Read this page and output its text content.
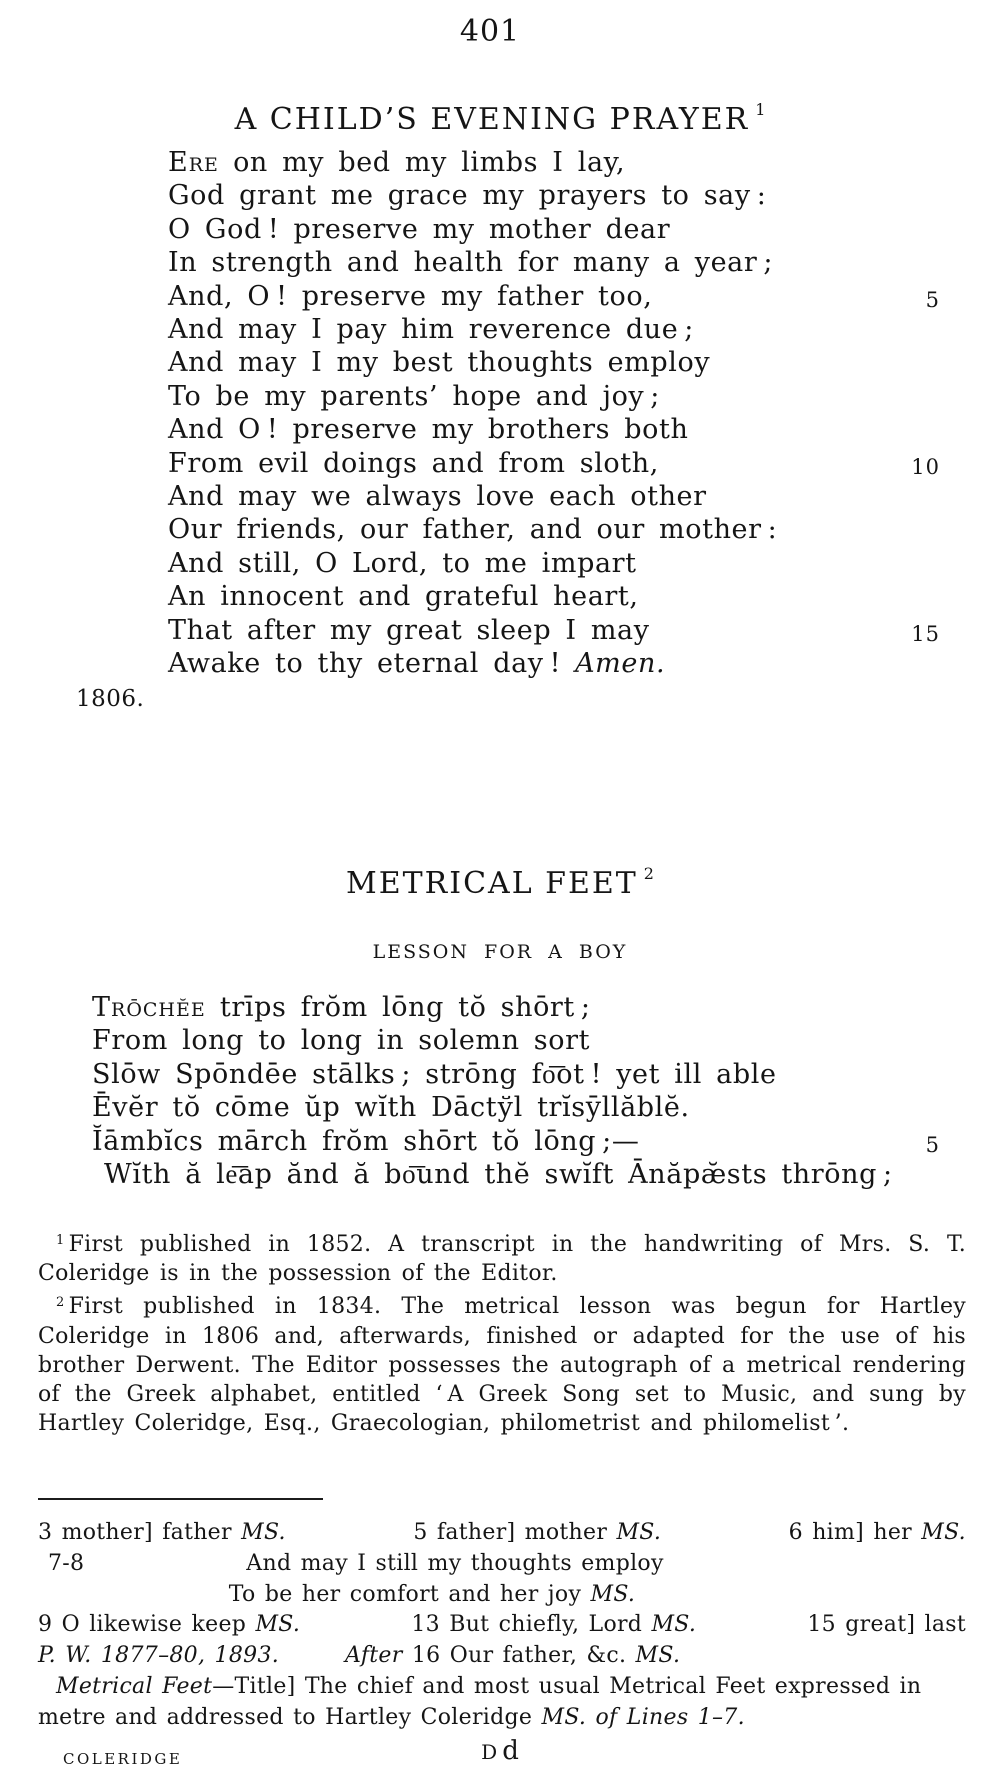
401
A CHILD’S EVENING PRAYER $^1$
Ere on my bed my limbs I lay,
God grant me grace my prayers to say :
O God ! preserve my mother dear
In strength and health for many a year ;
And, O ! preserve my father too,	5
And may I pay him reverence due ;
And may I my best thoughts employ
To be my parents’ hope and joy ;
And O ! preserve my brothers both
From evil doings and from sloth,	10
And may we always love each other
Our friends, our father, and our mother :
And still, O Lord, to me impart
An innocent and grateful heart,
That after my great sleep I may	15
Awake to thy eternal day ! Amen.
1806.
METRICAL FEET $^2$
LESSON FOR A BOY
Trōchĕe trīps frŏm lōng tŏ shōrt ;
From long to long in solemn sort
Slōw Spōndēe stālks ; strōng fo͞ot ! yet ill able
Ēvĕr tŏ cōme ŭp wĭth Dāctўl trĭsȳllăblĕ.
Ĭāmbĭcs mārch frŏm shōrt tŏ lōng ;—	5
Wĭth ă le͞ap ănd ă bo͞und thĕ swĭft Ānăpæ̆sts thrōng ;

$^1$ First published in 1852. A transcript in the handwriting of Mrs. S. T. Coleridge is in the possession of the Editor.

$^2$ First published in 1834. The metrical lesson was begun for Hartley Coleridge in 1806 and, afterwards, finished or adapted for the use of his brother Derwent. The Editor possesses the autograph of a metrical rendering of the Greek alphabet, entitled ‘ A Greek Song set to Music, and sung by Hartley Coleridge, Esq., Graecologian, philometrist and philomelist ’.

3 mother] father MS.	5 father] mother MS.	6 him] her MS.
7-8	And may I still my thoughts employ
To be her comfort and her joy MS.
9 O likewise keep MS.	13 But chiefly, Lord MS.	15 great] last
P. W. 1877–80, 1893.	After 16 Our father, &c. MS.
Metrical Feet—Title] The chief and most usual Metrical Feet expressed in metre and addressed to Hartley Coleridge MS. of Lines 1–7.
COLERIDGE	D d
